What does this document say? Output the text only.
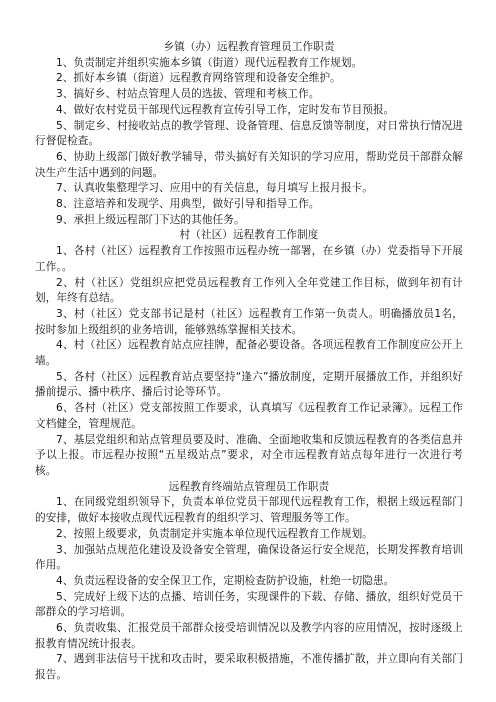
乡镇（办）远程教育管理员工作职责

1、负责制定并组织实施本乡镇（街道）现代远程教育工作规划。

2、抓好本乡镇（街道）远程教育网络管理和设备安全维护。

3、搞好乡、村站点管理人员的选拔、管理和考核工作。

4、做好农村党员干部现代远程教育宣传引导工作，定时发布节目预报。

5、制定乡、村接收站点的教学管理、设备管理、信息反馈等制度，对日常执行情况进行督促检查。

6、协助上级部门做好教学辅导，带头搞好有关知识的学习应用，帮助党员干部群众解决生产生活中遇到的问题。

7、认真收集整理学习、应用中的有关信息，每月填写上报月报卡。

8、注意培养和发现学、用典型，做好引导和指导工作。

9、承担上级远程部门下达的其他任务。

村（社区）远程教育工作制度

1、各村（社区）远程教育工作按照市远程办统一部署，在乡镇（办）党委指导下开展工作。。

2、村（社区）党组织应把党员远程教育工作列入全年党建工作目标，做到年初有计划，年终有总结。

3、村（社区）党支部书记是村（社区）远程教育工作第一负责人。明确播放员1名，按时参加上级组织的业务培训，能够熟练掌握相关技术。

4、村（社区）远程教育站点应挂牌，配备必要设备。各项远程教育工作制度应公开上墙。

5、各村（社区）远程教育站点要坚持“逢六”播放制度，定期开展播放工作，并组织好播前提示、播中秩序、播后讨论等环节。

6、各村（社区）党支部按照工作要求，认真填写《远程教育工作记录簿》。远程工作文档健全，管理规范。

7、基层党组织和站点管理员要及时、准确、全面地收集和反馈远程教育的各类信息并予以上报。市远程办按照“五星级站点”要求，对全市远程教育站点每年进行一次进行考核。

远程教育终端站点管理员工作职责

1、在同级党组织领导下，负责本单位党员干部现代远程教育工作，根据上级远程部门的安排，做好本接收点现代远程教育的组织学习、管理服务等工作。

2、按照上级要求，负责制定并实施本单位现代远程教育工作规划。

3、加强站点规范化建设及设备安全管理，确保设备运行安全规范，长期发挥教育培训作用。

4、负责远程设备的安全保卫工作，定期检查防护设施，杜绝一切隐患。

5、完成好上级下达的点播、培训任务，实现课件的下载、存储、播放，组织好党员干部群众的学习培训。

6、负责收集、汇报党员干部群众接受培训情况以及教学内容的应用情况，按时逐级上报教育情况统计报表。

7、遇到非法信号干扰和攻击时，要采取积极措施，不准传播扩散，并立即向有关部门报告。
